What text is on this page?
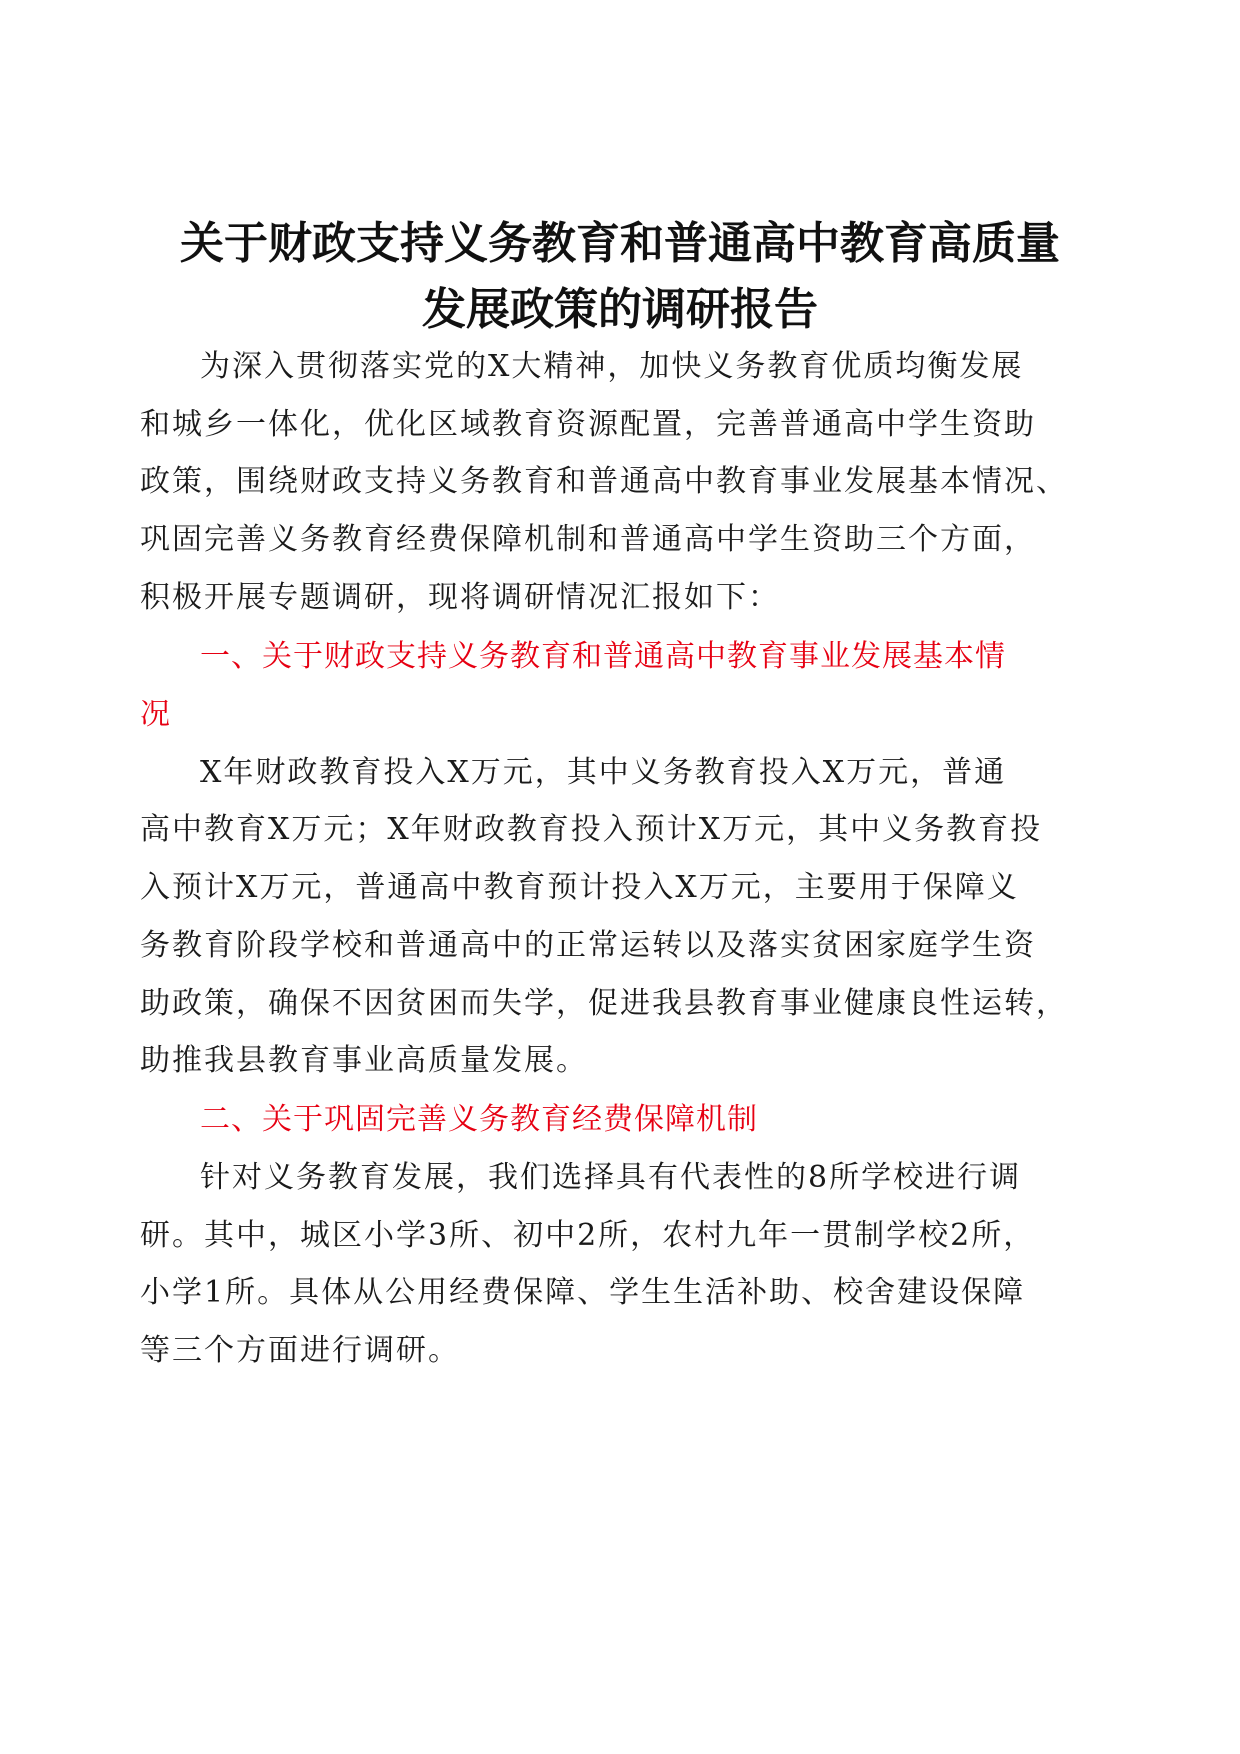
关于财政支持义务教育和普通高中教育高质量
发展政策的调研报告
为深入贯彻落实党的X大精神，加快义务教育优质均衡发展
和城乡一体化，优化区域教育资源配置，完善普通高中学生资助
政策，围绕财政支持义务教育和普通高中教育事业发展基本情况、
巩固完善义务教育经费保障机制和普通高中学生资助三个方面，
积极开展专题调研，现将调研情况汇报如下：
一、关于财政支持义务教育和普通高中教育事业发展基本情
况
X年财政教育投入X万元，其中义务教育投入X万元，普通
高中教育X万元；X年财政教育投入预计X万元，其中义务教育投
入预计X万元，普通高中教育预计投入X万元，主要用于保障义
务教育阶段学校和普通高中的正常运转以及落实贫困家庭学生资
助政策，确保不因贫困而失学，促进我县教育事业健康良性运转，
助推我县教育事业高质量发展。
二、关于巩固完善义务教育经费保障机制
针对义务教育发展，我们选择具有代表性的8所学校进行调
研。其中，城区小学3所、初中2所，农村九年一贯制学校2所，
小学1所。具体从公用经费保障、学生生活补助、校舍建设保障
等三个方面进行调研。
